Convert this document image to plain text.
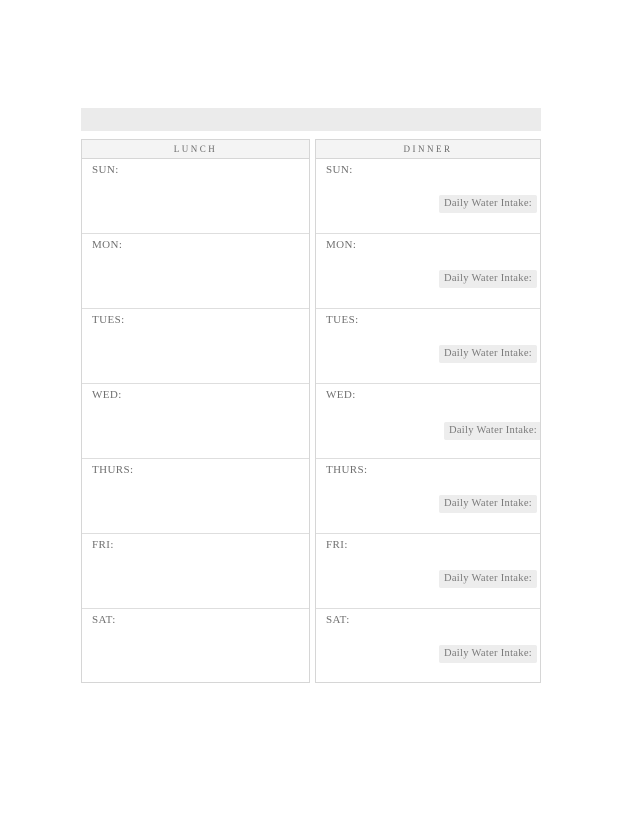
LUNCH
SUN:
MON:
TUES:
WED:
THURS:
FRI:
SAT:
DINNER
SUN:
Daily Water Intake:
MON:
Daily Water Intake:
TUES:
Daily Water Intake:
WED:
Daily Water Intake:
THURS:
Daily Water Intake:
FRI:
Daily Water Intake:
SAT:
Daily Water Intake:
